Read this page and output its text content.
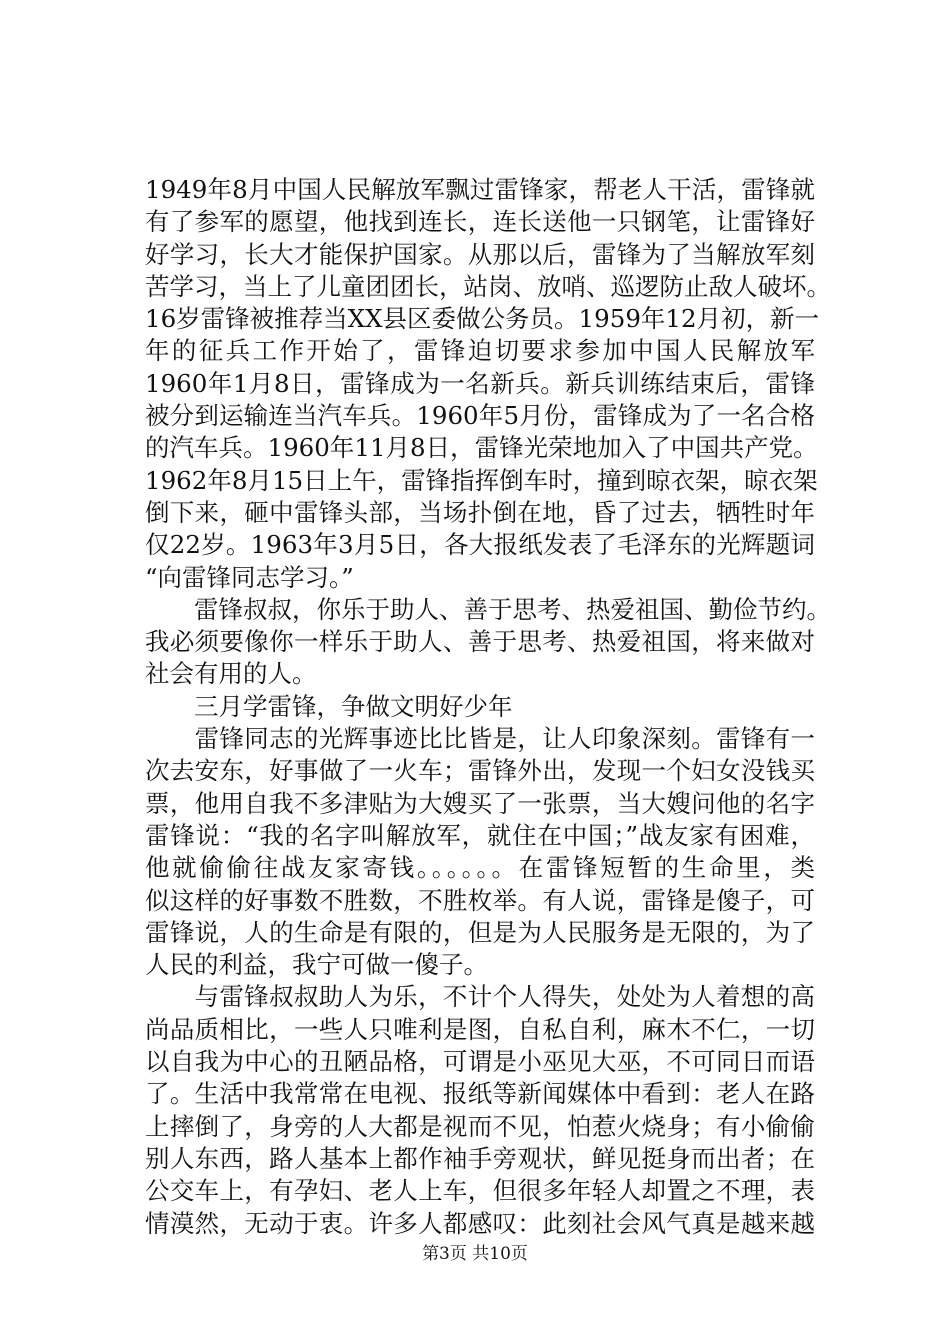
1949年8月中国人民解放军飘过雷锋家，帮老人干活，雷锋就
有了参军的愿望，他找到连长，连长送他一只钢笔，让雷锋好
好学习，长大才能保护国家。从那以后，雷锋为了当解放军刻
苦学习，当上了儿童团团长，站岗、放哨、巡逻防止敌人破坏。
16岁雷锋被推荐当XX县区委做公务员。1959年12月初，新一
年的征兵工作开始了，雷锋迫切要求参加中国人民解放军
1960年1月8日，雷锋成为一名新兵。新兵训练结束后，雷锋
被分到运输连当汽车兵。1960年5月份，雷锋成为了一名合格
的汽车兵。1960年11月8日，雷锋光荣地加入了中国共产党。
1962年8月15日上午，雷锋指挥倒车时，撞到晾衣架，晾衣架
倒下来，砸中雷锋头部，当场扑倒在地，昏了过去，牺牲时年
仅22岁。1963年3月5日，各大报纸发表了毛泽东的光辉题词
“向雷锋同志学习。”
　　雷锋叔叔，你乐于助人、善于思考、热爱祖国、勤俭节约。
我必须要像你一样乐于助人、善于思考、热爱祖国，将来做对
社会有用的人。
　　三月学雷锋，争做文明好少年
　　雷锋同志的光辉事迹比比皆是，让人印象深刻。雷锋有一
次去安东，好事做了一火车；雷锋外出，发现一个妇女没钱买
票，他用自我不多津贴为大嫂买了一张票，当大嫂问他的名字
雷锋说：“我的名字叫解放军，就住在中国；”战友家有困难，
他就偷偷往战友家寄钱。。。。。。在雷锋短暂的生命里，类
似这样的好事数不胜数，不胜枚举。有人说，雷锋是傻子，可
雷锋说，人的生命是有限的，但是为人民服务是无限的，为了
人民的利益，我宁可做一傻子。
　　与雷锋叔叔助人为乐，不计个人得失，处处为人着想的高
尚品质相比，一些人只唯利是图，自私自利，麻木不仁，一切
以自我为中心的丑陋品格，可谓是小巫见大巫，不可同日而语
了。生活中我常常在电视、报纸等新闻媒体中看到：老人在路
上摔倒了，身旁的人大都是视而不见，怕惹火烧身；有小偷偷
别人东西，路人基本上都作袖手旁观状，鲜见挺身而出者；在
公交车上，有孕妇、老人上车，但很多年轻人却置之不理，表
情漠然，无动于衷。许多人都感叹：此刻社会风气真是越来越
第3页 共10页
